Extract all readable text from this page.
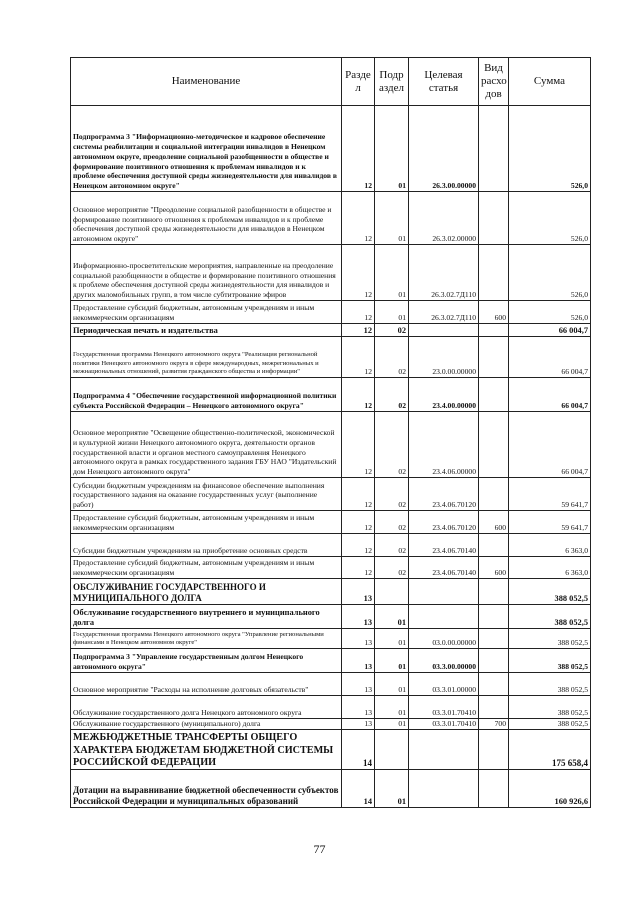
Наименование	Разде л	Подр аздел	Целевая статья	Вид расхо дов	Сумма
Подпрограмма 3 "Информационно-методическое и кадровое обеспечение системы реабилитации и социальной интеграции инвалидов в Ненецком автономном округе, преодоление социальной разобщенности в обществе и формирование позитивного отношения к проблемам инвалидов и к проблеме обеспечения доступной среды жизнедеятельности для инвалидов в Ненецком автономном округе"	12	01	26.3.00.00000		526,0
Основное мероприятие "Преодоление социальной разобщенности в обществе и формирование позитивного отношения к проблемам инвалидов и к проблеме обеспечения доступной среды жизнедеятельности для инвалидов в Ненецком автономном округе"	12	01	26.3.02.00000		526,0
Информационно-просветительские мероприятия, направленные на преодоление социальной разобщенности в обществе и формирование позитивного отношения к проблеме обеспечения доступной среды жизнедеятельности для инвалидов и других маломобильных групп, в том числе субтитрование эфиров	12	01	26.3.02.7Д110		526,0
Предоставление субсидий бюджетным, автономным учреждениям и иным некоммерческим организациям	12	01	26.3.02.7Д110	600	526,0
Периодическая печать и издательства	12	02			66 004,7
Государственная программа Ненецкого автономного округа "Реализация региональной политики Ненецкого автономного округа в сфере международных, межрегиональных и межнациональных отношений, развития гражданского общества и информации"	12	02	23.0.00.00000		66 004,7
Подпрограмма 4 "Обеспечение государственной информационной политики субъекта Российской Федерации – Ненецкого автономного округа"	12	02	23.4.00.00000		66 004,7
Основное мероприятие "Освещение общественно-политической, экономической и культурной жизни Ненецкого автономного округа, деятельности органов государственной власти и органов местного самоуправления Ненецкого автономного округа в рамках государственного задания ГБУ НАО "Издательский дом Ненецкого автономного округа"	12	02	23.4.06.00000		66 004,7
Субсидии бюджетным учреждениям на финансовое обеспечение выполнения государственного задания на оказание государственных услуг (выполнение работ)	12	02	23.4.06.70120		59 641,7
Предоставление субсидий бюджетным, автономным учреждениям и иным некоммерческим организациям	12	02	23.4.06.70120	600	59 641,7
Субсидии бюджетным учреждениям на приобретение основных средств	12	02	23.4.06.70140		6 363,0
Предоставление субсидий бюджетным, автономным учреждениям и иным некоммерческим организациям	12	02	23.4.06.70140	600	6 363,0
ОБСЛУЖИВАНИЕ ГОСУДАРСТВЕННОГО И МУНИЦИПАЛЬНОГО ДОЛГА	13				388 052,5
Обслуживание государственного внутреннего и муниципального долга	13	01			388 052,5
Государственная программа Ненецкого автономного округа "Управление региональными финансами в Ненецком автономном округе"	13	01	03.0.00.00000		388 052,5
Подпрограмма 3 "Управление государственным долгом Ненецкого автономного округа"	13	01	03.3.00.00000		388 052,5
Основное мероприятие "Расходы на исполнение долговых обязательств"	13	01	03.3.01.00000		388 052,5
Обслуживание государственного долга Ненецкого автономного округа	13	01	03.3.01.70410		388 052,5
Обслуживание государственного (муниципального) долга	13	01	03.3.01.70410	700	388 052,5
МЕЖБЮДЖЕТНЫЕ ТРАНСФЕРТЫ ОБЩЕГО ХАРАКТЕРА БЮДЖЕТАМ БЮДЖЕТНОЙ СИСТЕМЫ РОССИЙСКОЙ ФЕДЕРАЦИИ	14				175 658,4
Дотации на выравнивание бюджетной обеспеченности субъектов Российской Федерации и муниципальных образований	14	01			160 926,6
77
